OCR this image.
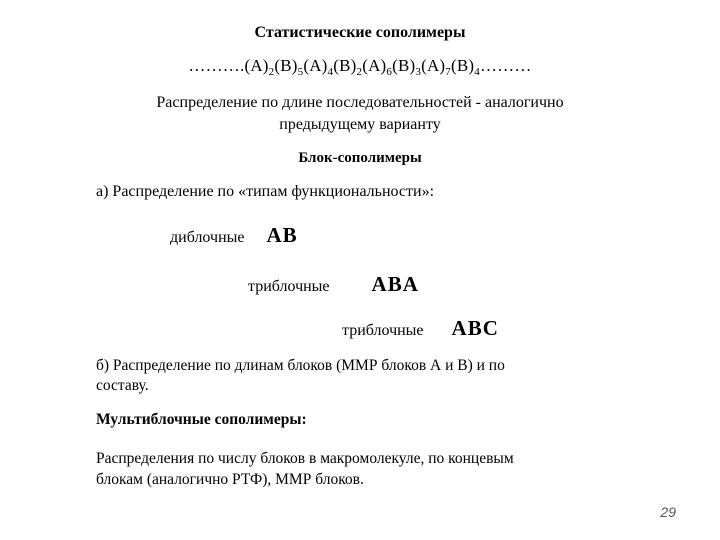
Статистические сополимеры
$\dots\dots\dots.(A)_2(B)_5(A)_4(B)_2(A)_6(B)_3(A)_7(B)_4\dots\dots\dots$
Распределение по длине последовательностей - аналогично
предыдущему варианту
Блок-сополимеры
а) Распределение по «типам функциональности»:
диблочные AB
триблочные ABA
триблочные ABC
б) Распределение по длинам блоков (ММР блоков А и В) и по
составу.
Мультиблочные сополимеры:
Распределения по числу блоков в макромолекуле, по концевым
блокам (аналогично РТФ), ММР блоков.
29
